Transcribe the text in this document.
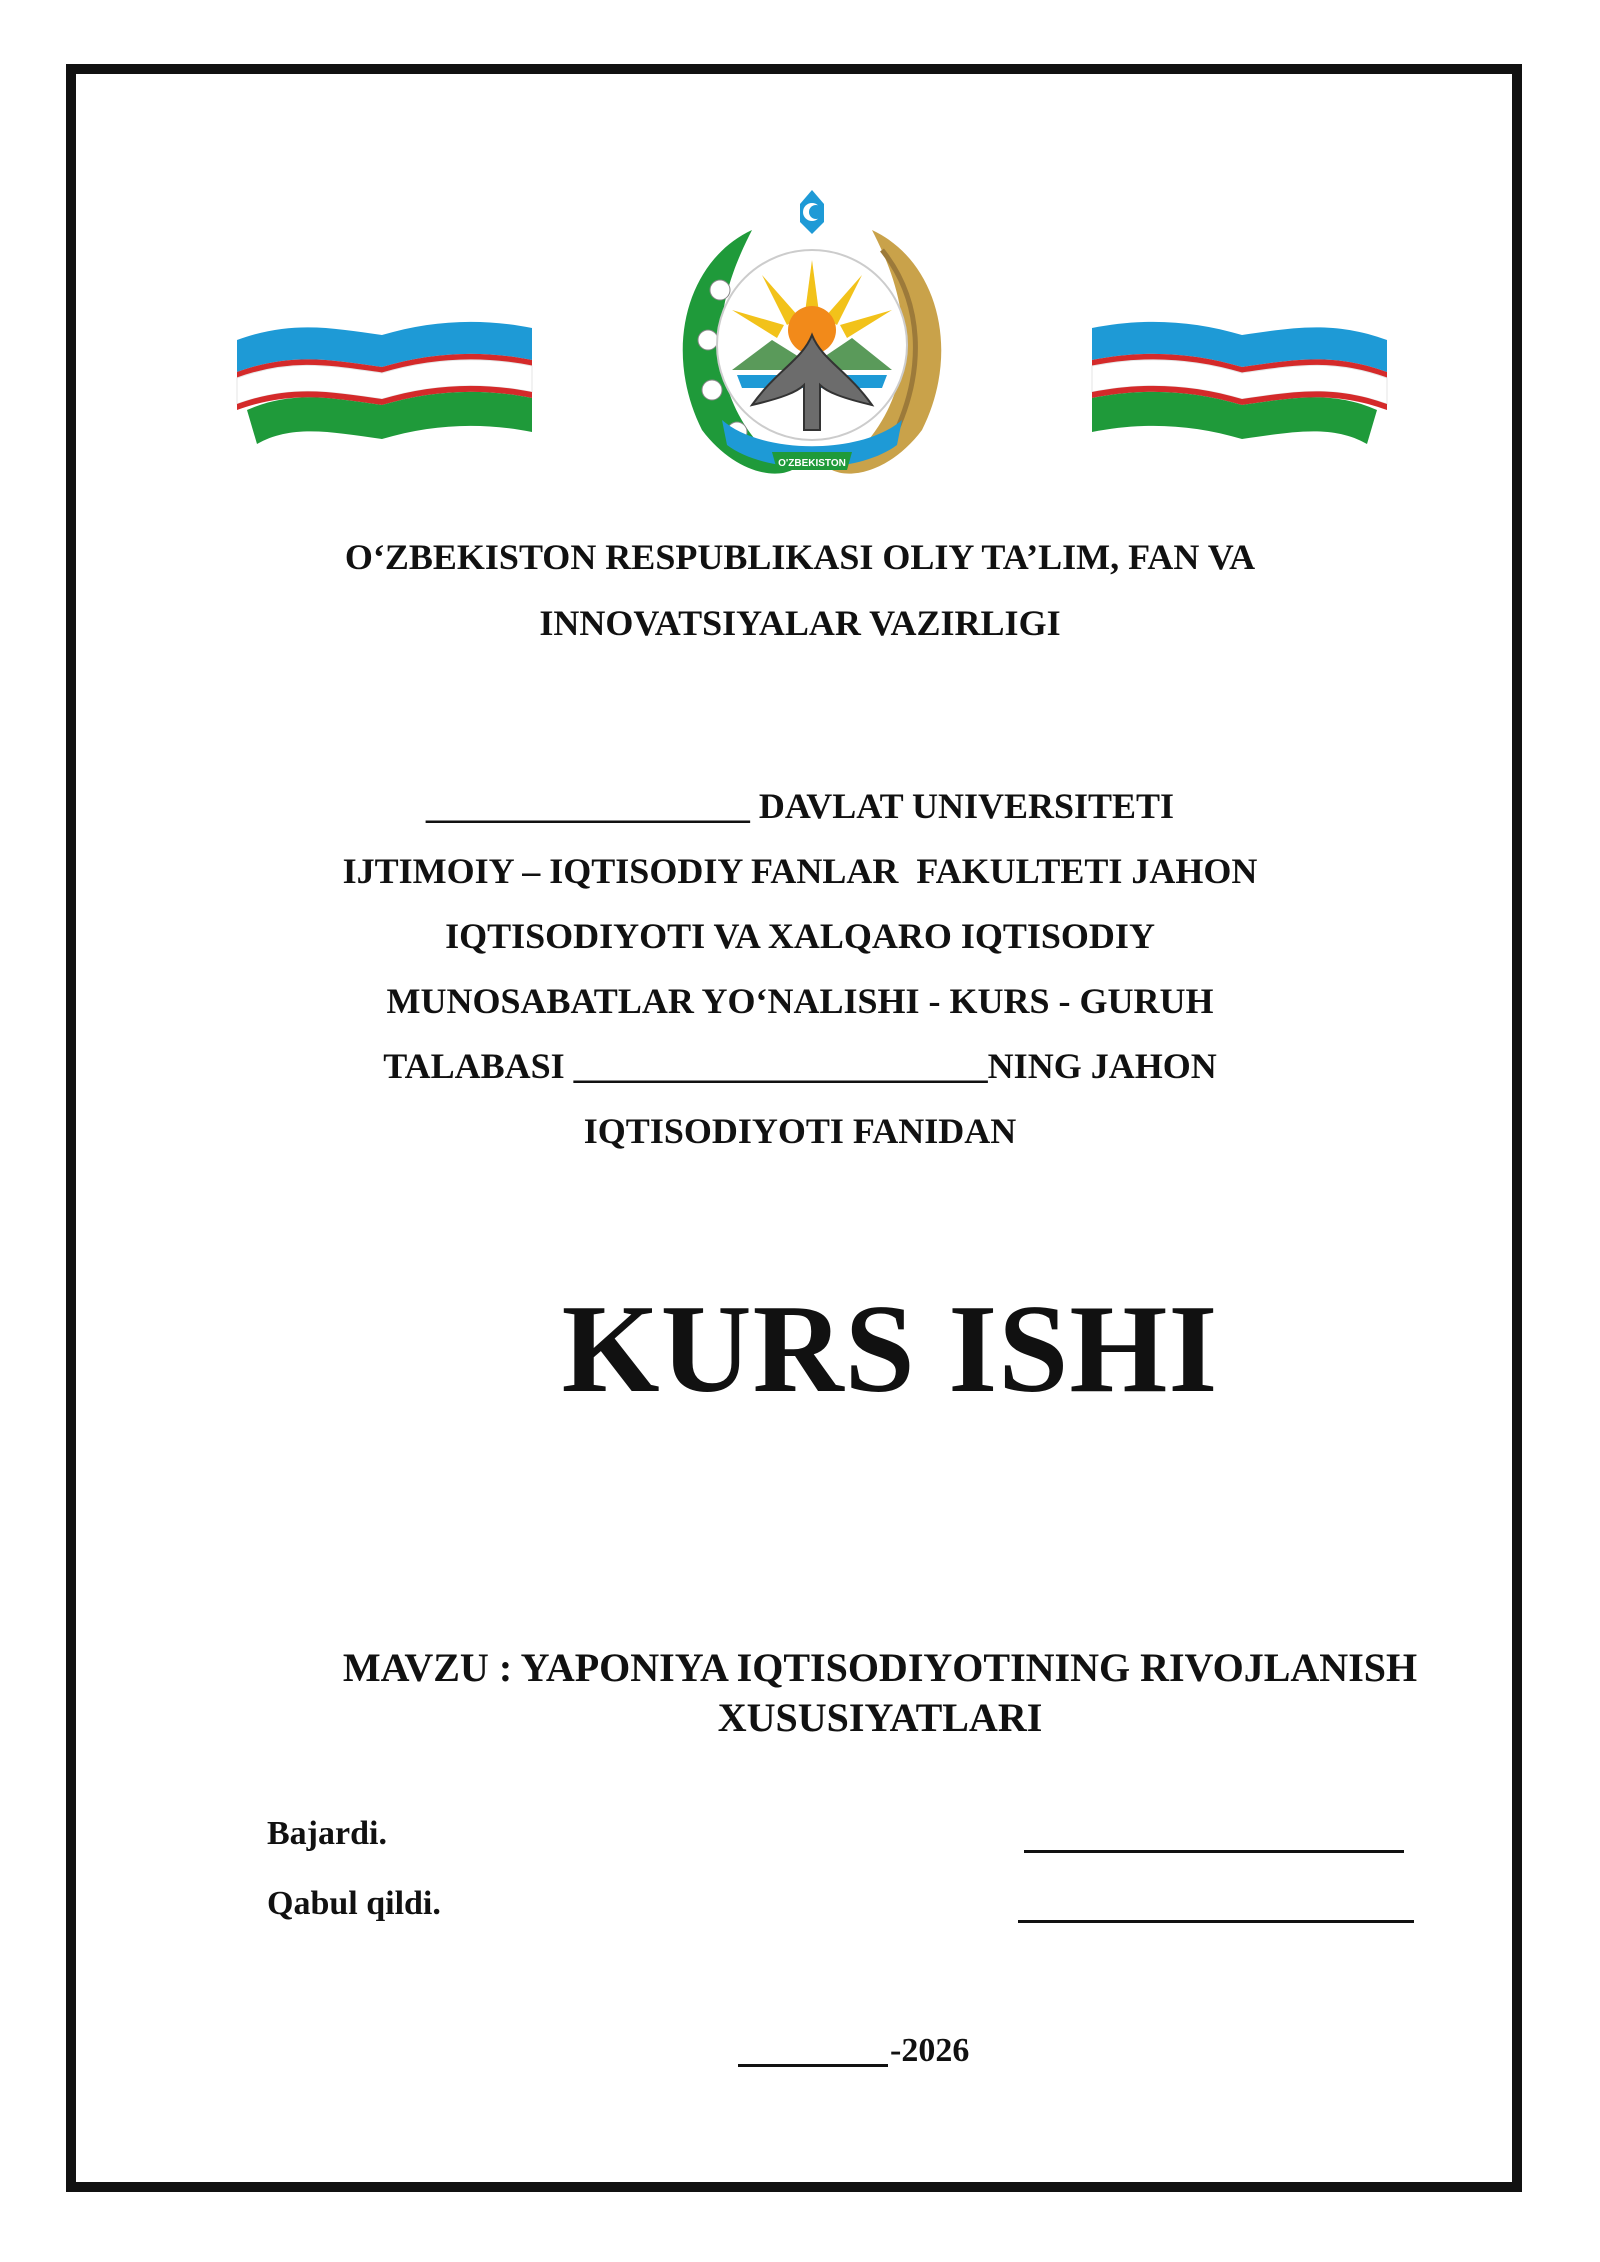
O'ZBEKISTON
O‘ZBEKISTON RESPUBLIKASI OLIY TA’LIM, FAN VA
INNOVATSIYALAR VAZIRLIGI
__________________ DAVLAT UNIVERSITETI
IJTIMOIY – IQTISODIY FANLAR  FAKULTETI JAHON
IQTISODIYOTI VA XALQARO IQTISODIY
MUNOSABATLAR YO‘NALISHI - KURS - GURUH
TALABASI _______________________NING JAHON
IQTISODIYOTI FANIDAN
KURS ISHI
MAVZU : YAPONIYA IQTISODIYOTINING RIVOJLANISH
XUSUSIYATLARI
Bajardi.
Qabul qildi.
-2026
